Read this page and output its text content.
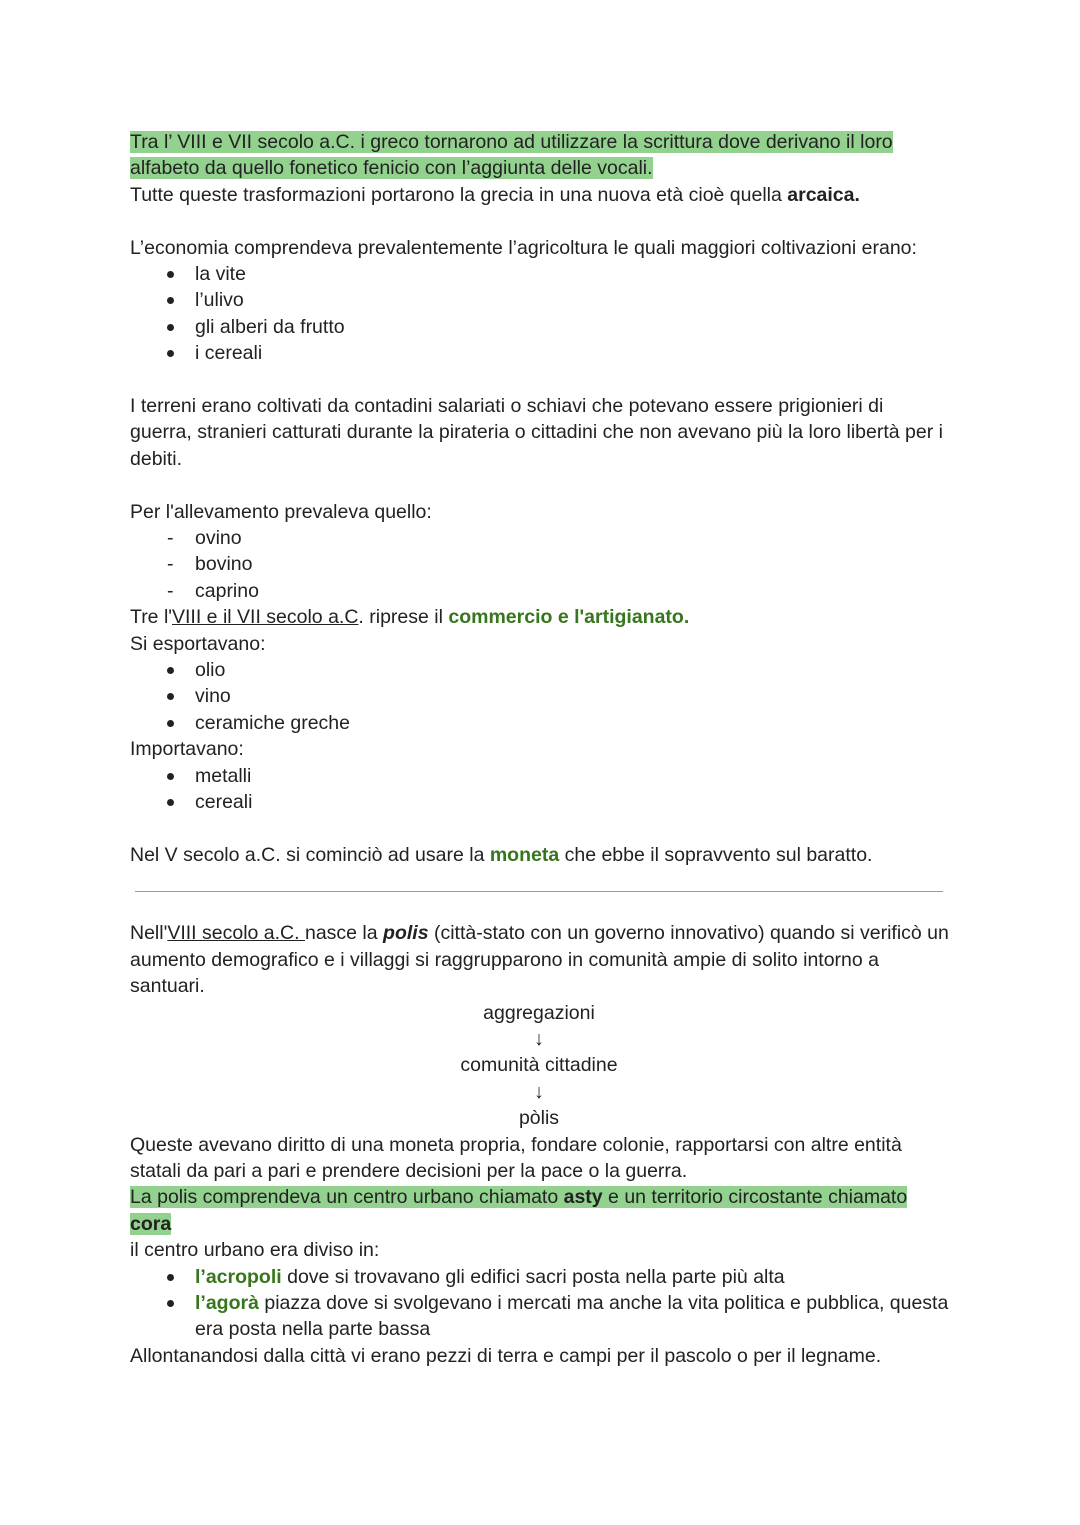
Tra l’ VIII e VII secolo a.C. i greco tornarono ad utilizzare la scrittura dove derivano il loro alfabeto da quello fonetico fenicio con l’aggiunta delle vocali.

Tutte queste trasformazioni portarono la grecia in una nuova età cioè quella arcaica.

L’economia comprendeva prevalentemente l’agricoltura le quali maggiori coltivazioni erano:

la vite
l’ulivo
gli alberi da frutto
i cereali

I terreni erano coltivati da contadini salariati o schiavi che potevano essere prigionieri di guerra, stranieri catturati durante la pirateria o cittadini che non avevano più la loro libertà per i debiti.

Per l'allevamento prevaleva quello:

- ovino
- bovino
- caprino

Tre l'VIII e il VII secolo a.C. riprese il commercio e l'artigianato.

Si esportavano:

olio
vino
ceramiche greche

Importavano:

metalli
cereali

Nel V secolo a.C. si cominciò ad usare la moneta che ebbe il sopravvento sul baratto.

Nell'VIII secolo a.C. nasce la polis (città-stato con un governo innovativo) quando si verificò un aumento demografico e i villaggi si raggrupparono in comunità ampie di solito intorno a santuari.

aggregazioni
↓
comunità cittadine
↓
pòlis

Queste avevano diritto di una moneta propria, fondare colonie, rapportarsi con altre entità statali da pari a pari e prendere decisioni per la pace o la guerra.

La polis comprendeva un centro urbano chiamato asty e un territorio circostante chiamato cora

il centro urbano era diviso in:

l’acropoli dove si trovavano gli edifici sacri posta nella parte più alta
l’agorà piazza dove si svolgevano i mercati ma anche la vita politica e pubblica, questa era posta nella parte bassa

Allontanandosi dalla città vi erano pezzi di terra e campi per il pascolo o per il legname.
